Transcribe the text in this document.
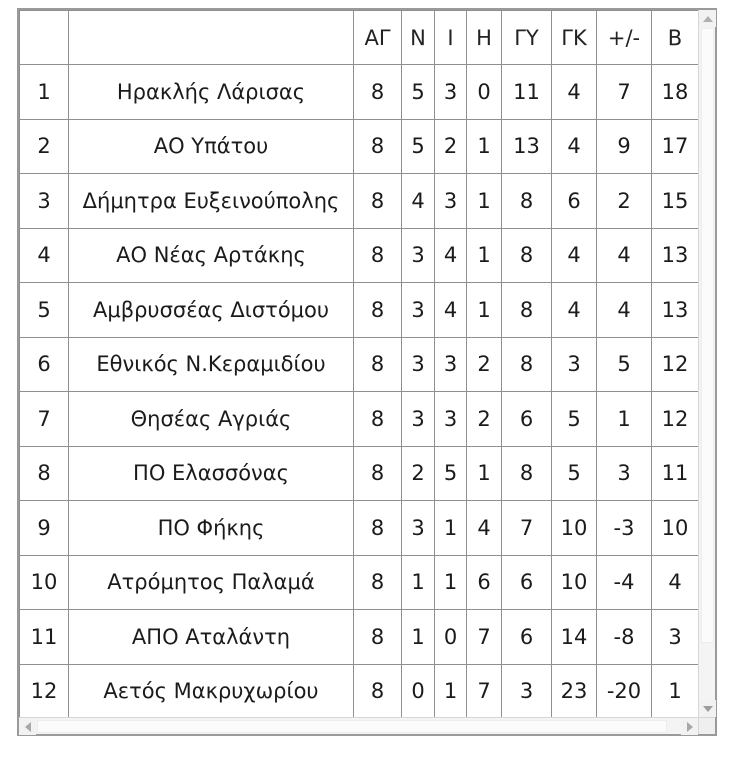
		ΑΓ	Ν	Ι	Η	ΓΥ	ΓΚ	+/-	Β
1	Ηρακλής Λάρισας	8	5	3	0	11	4	7	18
2	ΑΟ Υπάτου	8	5	2	1	13	4	9	17
3	Δήμητρα Ευξεινούπολης	8	4	3	1	8	6	2	15
4	ΑΟ Νέας Αρτάκης	8	3	4	1	8	4	4	13
5	Αμβρυσσέας Διστόμου	8	3	4	1	8	4	4	13
6	Εθνικός Ν.Κεραμιδίου	8	3	3	2	8	3	5	12
7	Θησέας Αγριάς	8	3	3	2	6	5	1	12
8	ΠΟ Ελασσόνας	8	2	5	1	8	5	3	11
9	ΠΟ Φήκης	8	3	1	4	7	10	-3	10
10	Ατρόμητος Παλαμά	8	1	1	6	6	10	-4	4
11	ΑΠΟ Αταλάντη	8	1	0	7	6	14	-8	3
12	Αετός Μακρυχωρίου	8	0	1	7	3	23	-20	1
